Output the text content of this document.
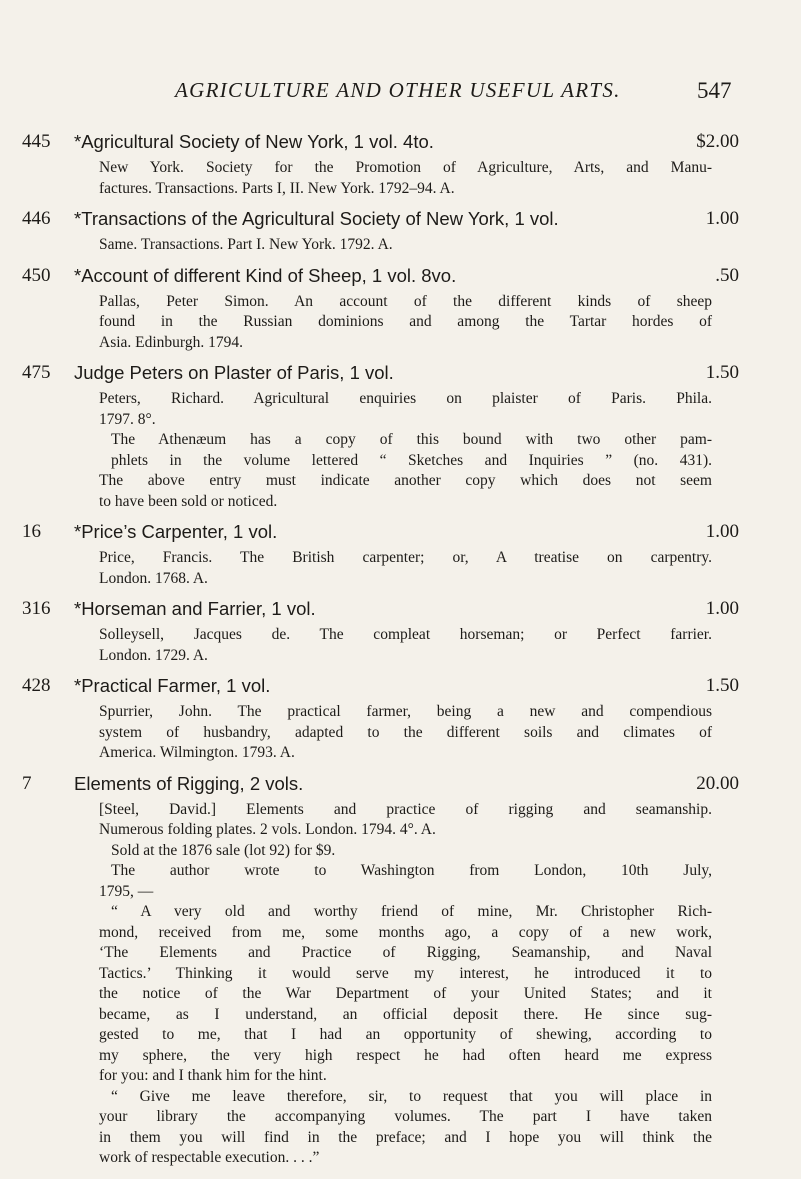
AGRICULTURE AND OTHER USEFUL ARTS.	547
445	*Agricultural Society of New York, 1 vol. 4to.	$2.00
New York. Society for the Promotion of Agriculture, Arts, and Manu-
factures. Transactions. Parts I, II. New York. 1792–94. A.
446	*Transactions of the Agricultural Society of New York, 1 vol.	1.00
Same. Transactions. Part I. New York. 1792. A.
450	*Account of different Kind of Sheep, 1 vol. 8vo.	.50
Pallas, Peter Simon. An account of the different kinds of sheep
found in the Russian dominions and among the Tartar hordes of
Asia. Edinburgh. 1794.
475	Judge Peters on Plaster of Paris, 1 vol.	1.50
Peters, Richard. Agricultural enquiries on plaister of Paris. Phila.
1797. 8°.
The Athenæum has a copy of this bound with two other pam-
phlets in the volume lettered “ Sketches and Inquiries ” (no. 431).
The above entry must indicate another copy which does not seem
to have been sold or noticed.
16	*Price’s Carpenter, 1 vol.	1.00
Price, Francis. The British carpenter; or, A treatise on carpentry.
London. 1768. A.
316	*Horseman and Farrier, 1 vol.	1.00
Solleysell, Jacques de. The compleat horseman; or Perfect farrier.
London. 1729. A.
428	*Practical Farmer, 1 vol.	1.50
Spurrier, John. The practical farmer, being a new and compendious
system of husbandry, adapted to the different soils and climates of
America. Wilmington. 1793. A.
7	Elements of Rigging, 2 vols.	20.00
[Steel, David.] Elements and practice of rigging and seamanship.
Numerous folding plates. 2 vols. London. 1794. 4°. A.
Sold at the 1876 sale (lot 92) for $9.
The author wrote to Washington from London, 10th July,
1795, —
“ A very old and worthy friend of mine, Mr. Christopher Rich-
mond, received from me, some months ago, a copy of a new work,
‘The Elements and Practice of Rigging, Seamanship, and Naval
Tactics.’ Thinking it would serve my interest, he introduced it to
the notice of the War Department of your United States; and it
became, as I understand, an official deposit there. He since sug-
gested to me, that I had an opportunity of shewing, according to
my sphere, the very high respect he had often heard me express
for you: and I thank him for the hint.
“ Give me leave therefore, sir, to request that you will place in
your library the accompanying volumes. The part I have taken
in them you will find in the preface; and I hope you will think the
work of respectable execution. . . .”
